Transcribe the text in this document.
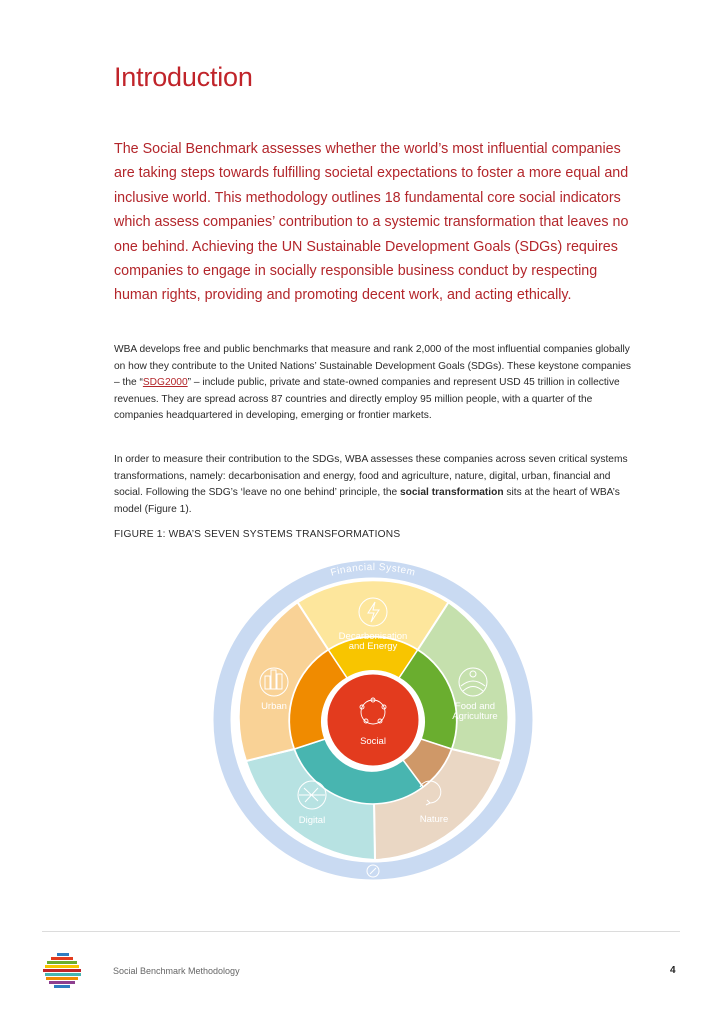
Introduction

The Social Benchmark assesses whether the world’s most influential companies are taking steps towards fulfilling societal expectations to foster a more equal and inclusive world. This methodology outlines 18 fundamental core social indicators which assess companies’ contribution to a systemic transformation that leaves no one behind. Achieving the UN Sustainable Development Goals (SDGs) requires companies to engage in socially responsible business conduct by respecting human rights, providing and promoting decent work, and acting ethically.

WBA develops free and public benchmarks that measure and rank 2,000 of the most influential companies globally on how they contribute to the United Nations’ Sustainable Development Goals (SDGs). These keystone companies – the “SDG2000” – include public, private and state-owned companies and represent USD 45 trillion in collective revenues. They are spread across 87 countries and directly employ 95 million people, with a quarter of the companies headquartered in developing, emerging or frontier markets.

In order to measure their contribution to the SDGs, WBA assesses these companies across seven critical systems transformations, namely: decarbonisation and energy, food and agriculture, nature, digital, urban, financial and social. Following the SDG’s ‘leave no one behind’ principle, the social transformation sits at the heart of WBA’s model (Figure 1).

FIGURE 1: WBA’S SEVEN SYSTEMS TRANSFORMATIONS

Financial System
Social
Decarbonisation
and Energy
Food and
Agriculture
Nature
Digital
Urban
Social Benchmark Methodology	4
